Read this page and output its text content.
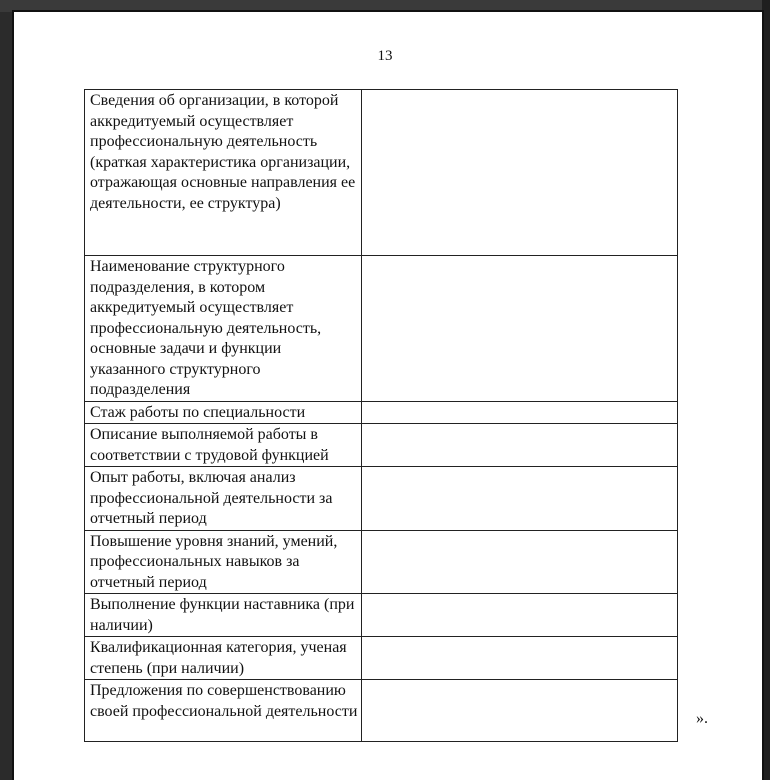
13
Сведения об организации, в которой аккредитуемый осуществляет профессиональную деятельность (краткая характеристика организации, отражающая основные направления ее деятельности, ее структура)	

Наименование структурного подразделения, в котором аккредитуемый осуществляет профессиональную деятельность, основные задачи и функции указанного структурного подразделения	

Стаж работы по специальности	

Описание выполняемой работы в соответствии с трудовой функцией	

Опыт работы, включая анализ профессиональной деятельности за отчетный период	

Повышение уровня знаний, умений, профессиональных навыков за отчетный период	

Выполнение функции наставника (при наличии)	

Квалификационная категория, ученая степень (при наличии)	

Предложения по совершенствованию своей профессиональной деятельности	
		».
